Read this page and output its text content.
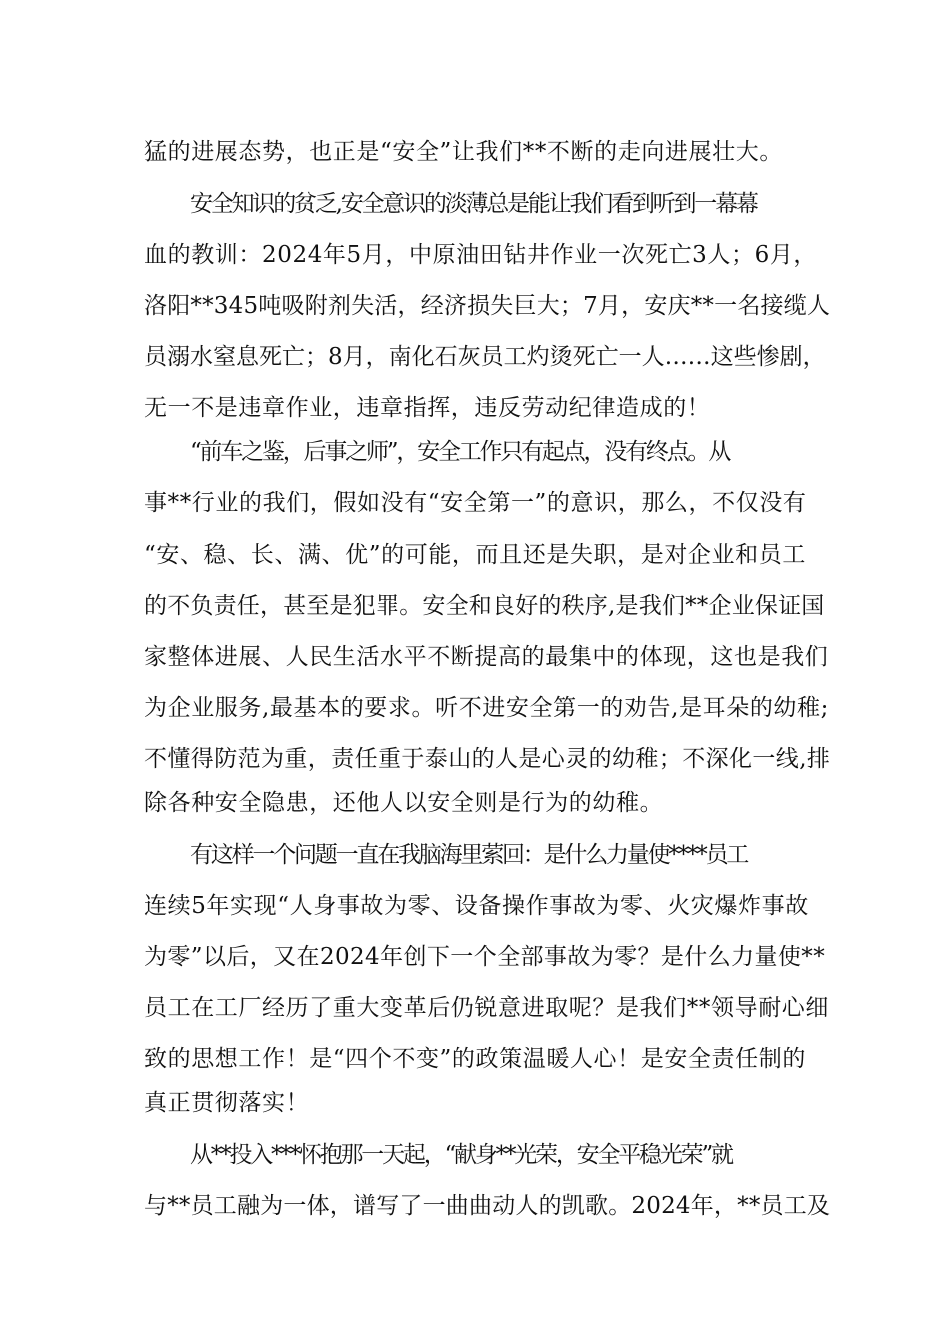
猛的进展态势，也正是“安全”让我们**不断的走向进展壮大。
安全知识的贫乏,安全意识的淡薄总是能让我们看到听到一幕幕
血的教训：2024年5月，中原油田钻井作业一次死亡3人；6月，
洛阳**345吨吸附剂失活，经济损失巨大；7月，安庆**一名接缆人
员溺水窒息死亡；8月，南化石灰员工灼烫死亡一人……这些惨剧，
无一不是违章作业，违章指挥，违反劳动纪律造成的！
“前车之鉴，后事之师”，安全工作只有起点，没有终点。从
事**行业的我们，假如没有“安全第一”的意识，那么，不仅没有
“安、稳、长、满、优”的可能，而且还是失职，是对企业和员工
的不负责任，甚至是犯罪。安全和良好的秩序,是我们**企业保证国
家整体进展、人民生活水平不断提高的最集中的体现，这也是我们
为企业服务,最基本的要求。听不进安全第一的劝告,是耳朵的幼稚;
不懂得防范为重，责任重于泰山的人是心灵的幼稚；不深化一线,排
除各种安全隐患，还他人以安全则是行为的幼稚。
有这样一个问题一直在我脑海里萦回：是什么力量使****员工
连续5年实现“人身事故为零、设备操作事故为零、火灾爆炸事故
为零”以后，又在2024年创下一个全部事故为零？是什么力量使**
员工在工厂经历了重大变革后仍锐意进取呢？是我们**领导耐心细
致的思想工作！是“四个不变”的政策温暖人心！是安全责任制的
真正贯彻落实！
从**投入***怀抱那一天起，“献身**光荣，安全平稳光荣”就
与**员工融为一体，谱写了一曲曲动人的凯歌。2024年，**员工及
